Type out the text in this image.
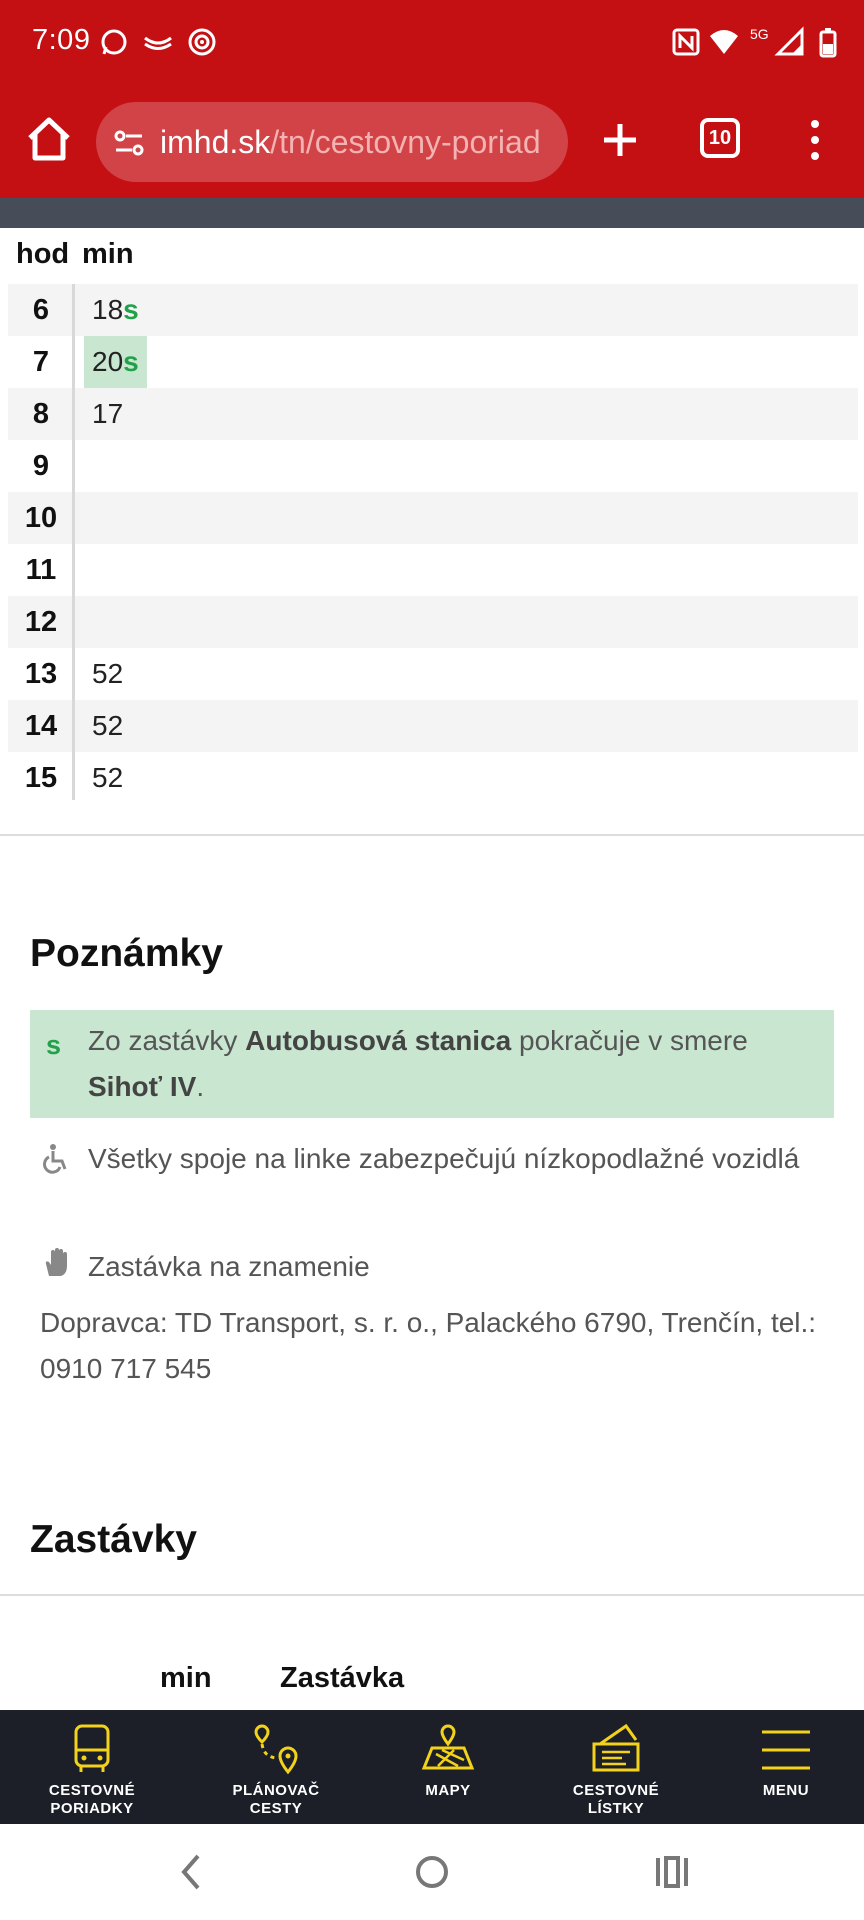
7:09	5G
imhd.sk/tn/cestovny-poriad	10
hod min
6	18s
7	20s
8	17
9
10
11
12
13	52
14	52
15	52
Poznámky
s Zo zastávky Autobusová stanica pokračuje v smere Sihoť IV.
Všetky spoje na linke zabezpečujú nízkopodlažné vozidlá
Zastávka na znamenie
Dopravca: TD Transport, s. r. o., Palackého 6790, Trenčín, tel.: 0910 717 545
Zastávky
min Zastávka
CESTOVNÉ
PORIADKY
PLÁNOVAČ
CESTY
MAPY	CESTOVNÉ
LÍSTKY
MENU
